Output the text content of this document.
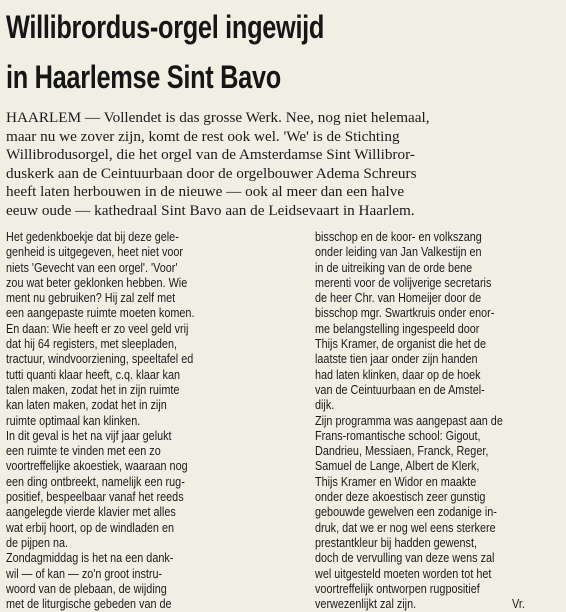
Willibrordus-orgel ingewijd
in Haarlemse Sint Bavo
HAARLEM — Vollendet is das grosse Werk. Nee, nog niet helemaal,
maar nu we zover zijn, komt de rest ook wel. 'We' is de Stichting
Willibrodusorgel, die het orgel van de Amsterdamse Sint Willibror-
duskerk aan de Ceintuurbaan door de orgelbouwer Adema Schreurs
heeft laten herbouwen in de nieuwe — ook al meer dan een halve
eeuw oude — kathedraal Sint Bavo aan de Leidsevaart in Haarlem.
Het gedenkboekje dat bij deze gele-
genheid is uitgegeven, heet niet voor
niets 'Gevecht van een orgel'. 'Voor'
zou wat beter geklonken hebben. Wie
ment nu gebruiken? Hij zal zelf met
een aangepaste ruimte moeten komen.
En daan: Wie heeft er zo veel geld vrij
dat hij 64 registers, met sleepladen,
tractuur, windvoorziening, speeltafel ed
tutti quanti klaar heeft, c.q. klaar kan
talen maken, zodat het in zijn ruimte
kan laten maken, zodat het in zijn
ruimte optimaal kan klinken.
In dit geval is het na vijf jaar gelukt
een ruimte te vinden met een zo
voortreffelijke akoestiek, waaraan nog
een ding ontbreekt, namelijk een rug-
positief, bespeelbaar vanaf het reeds
aangelegde vierde klavier met alles
wat erbij hoort, op de windladen en
de pijpen na.
Zondagmiddag is het na een dank-
wil — of kan — zo'n groot instru-
woord van de plebaan, de wijding
met de liturgische gebeden van de
bisschop en de koor- en volkszang
onder leiding van Jan Valkestijn en
in de uitreiking van de orde bene
merenti voor de volijverige secretaris
de heer Chr. van Homeijer door de
bisschop mgr. Swartkruis onder enor-
me belangstelling ingespeeld door
Thijs Kramer, de organist die het de
laatste tien jaar onder zijn handen
had laten klinken, daar op de hoek
van de Ceintuurbaan en de Amstel-
dijk.
Zijn programma was aangepast aan de
Frans-romantische school: Gigout,
Dandrieu, Messiaen, Franck, Reger,
Samuel de Lange, Albert de Klerk,
Thijs Kramer en Widor en maakte
onder deze akoestisch zeer gunstig
gebouwde gewelven een zodanige in-
druk, dat we er nog wel eens sterkere
prestantkleur bij hadden gewenst,
doch de vervulling van deze wens zal
wel uitgesteld moeten worden tot het
voortreffelijk ontworpen rugpositief
verwezenlijkt zal zijn.	Vr.
